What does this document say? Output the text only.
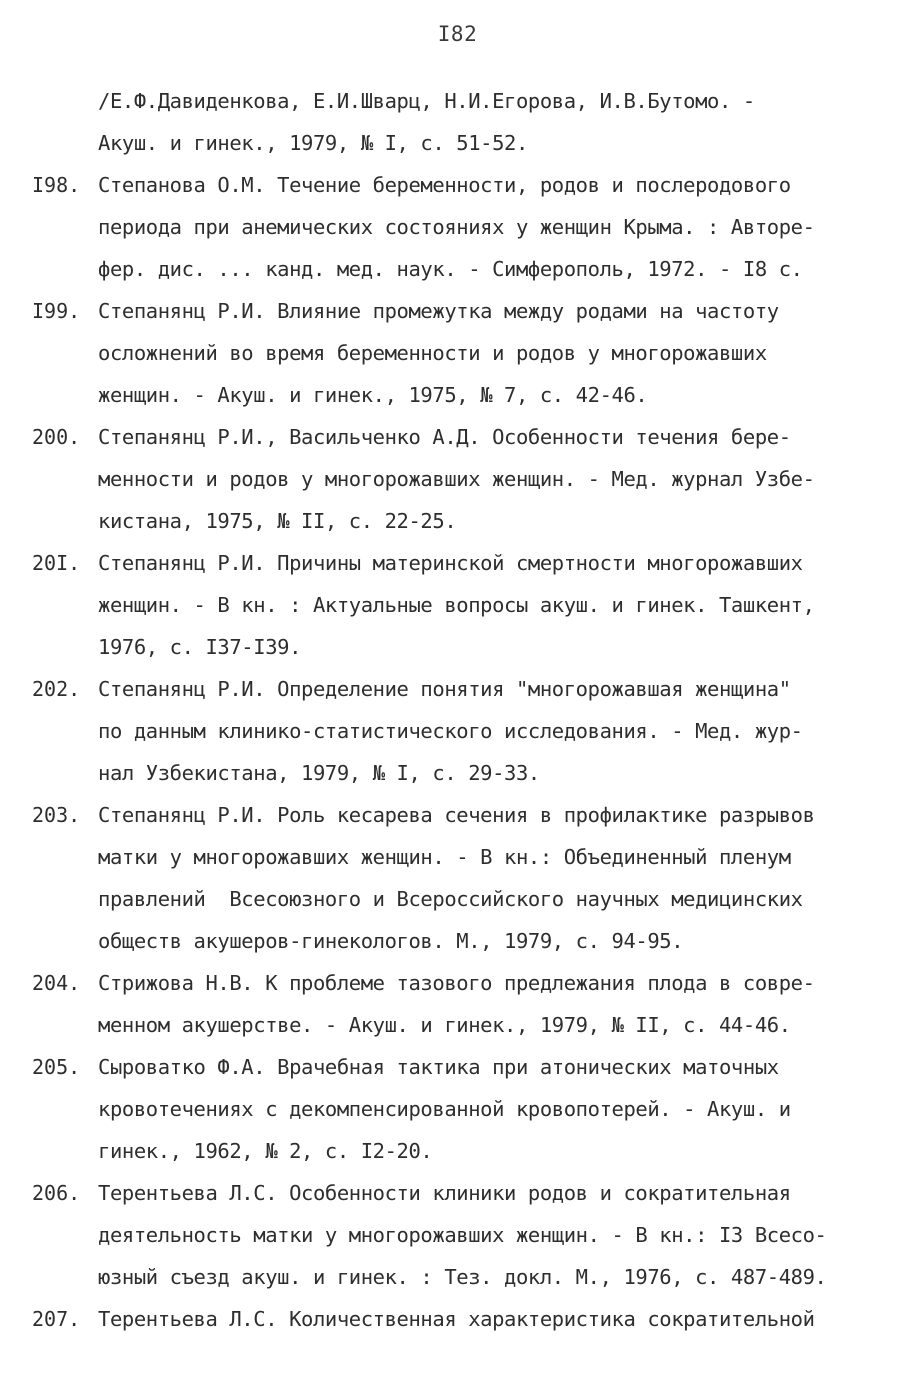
I82
/Е.Ф.Давиденкова, Е.И.Шварц, Н.И.Егорова, И.В.Бутомо. -
Акуш. и гинек., 1979, № I, с. 51-52.
I98. Степанова О.М. Течение беременности, родов и послеродового
периода при анемических состояниях у женщин Крыма. : Авторе-
фер. дис. ... канд. мед. наук. - Симферополь, 1972. - I8 с.
I99. Степанянц Р.И. Влияние промежутка между родами на частоту
осложнений во время беременности и родов у многорожавших
женщин. - Акуш. и гинек., 1975, № 7, с. 42-46.
200. Степанянц Р.И., Васильченко А.Д. Особенности течения бере-
менности и родов у многорожавших женщин. - Мед. журнал Узбе-
кистана, 1975, № II, с. 22-25.
20I. Степанянц Р.И. Причины материнской смертности многорожавших
женщин. - В кн. : Актуальные вопросы акуш. и гинек. Ташкент,
1976, с. I37-I39.
202. Степанянц Р.И. Определение понятия "многорожавшая женщина"
по данным клинико-статистического исследования. - Мед. жур-
нал Узбекистана, 1979, № I, с. 29-33.
203. Степанянц Р.И. Роль кесарева сечения в профилактике разрывов
матки у многорожавших женщин. - В кн.: Объединенный пленум
правлений  Всесоюзного и Всероссийского научных медицинских
обществ акушеров-гинекологов. М., 1979, с. 94-95.
204. Стрижова Н.В. К проблеме тазового предлежания плода в совре-
менном акушерстве. - Акуш. и гинек., 1979, № II, с. 44-46.
205. Сыроватко Ф.А. Врачебная тактика при атонических маточных
кровотечениях с декомпенсированной кровопотерей. - Акуш. и
гинек., 1962, № 2, с. I2-20.
206. Терентьева Л.С. Особенности клиники родов и сократительная
деятельность матки у многорожавших женщин. - В кн.: I3 Всесо-
юзный съезд акуш. и гинек. : Тез. докл. М., 1976, с. 487-489.
207. Терентьева Л.С. Количественная характеристика сократительной
